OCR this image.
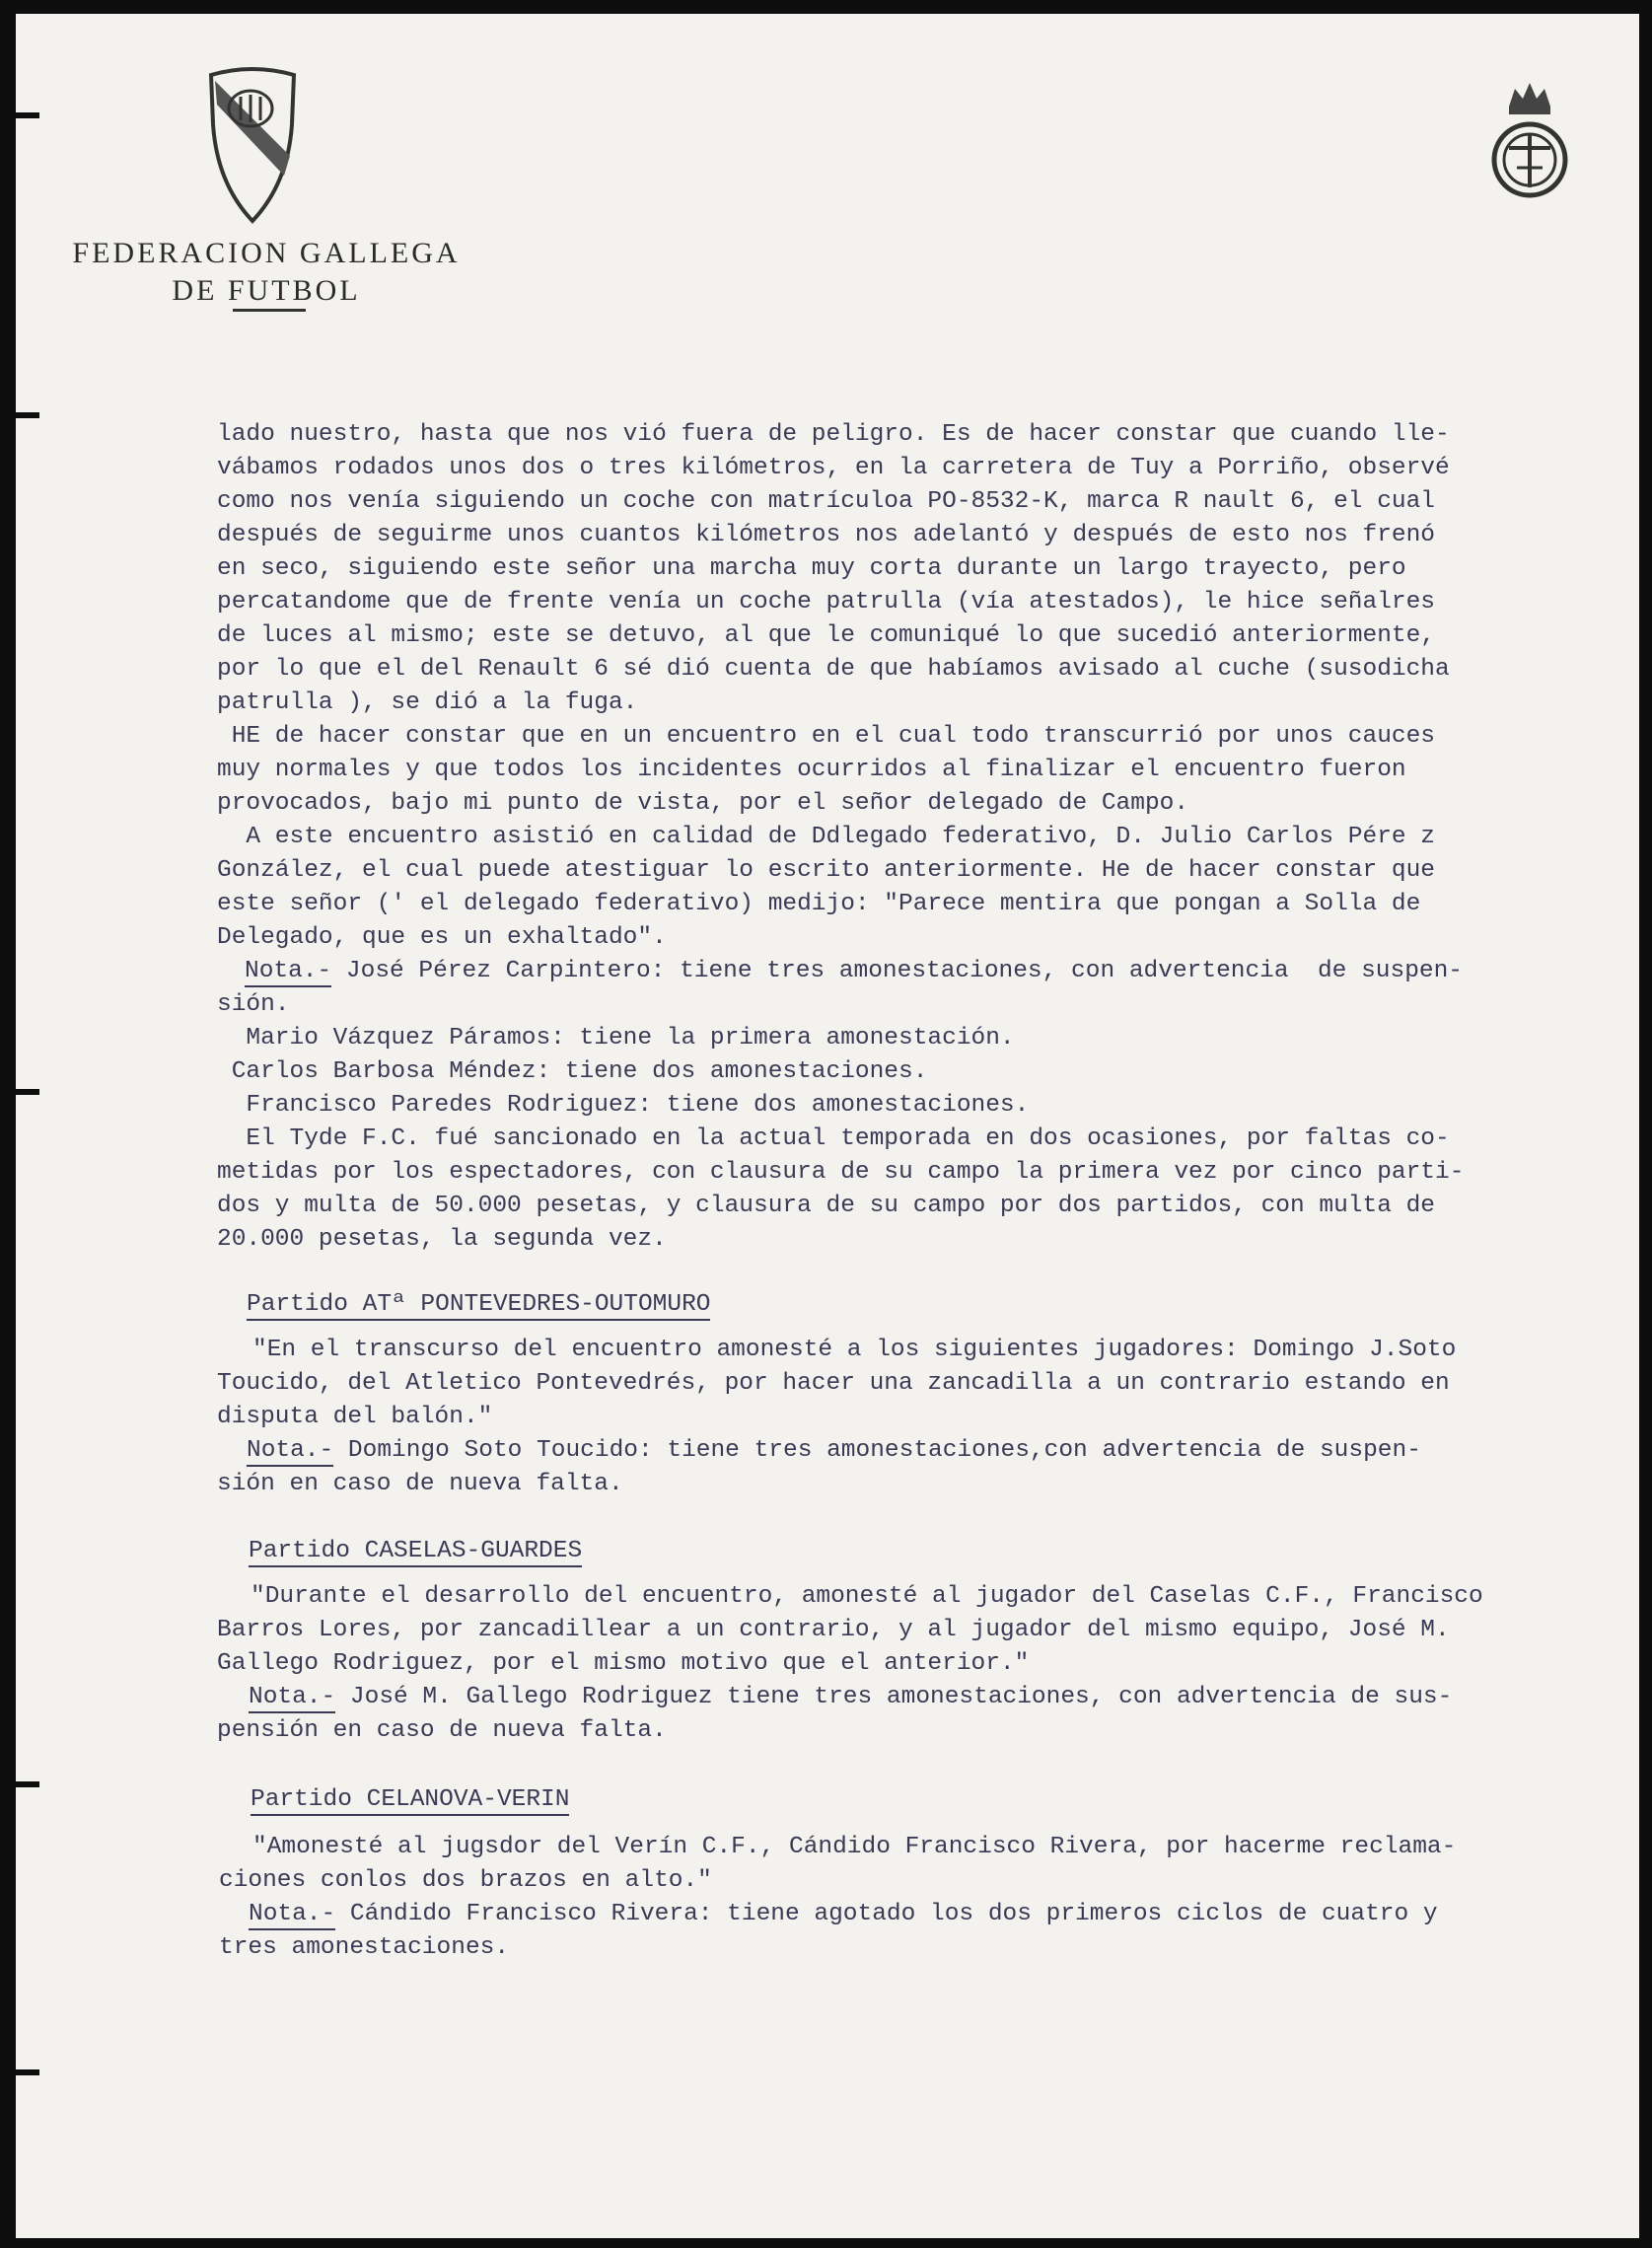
FEDERACION GALLEGA
DE FUTBOL

lado nuestro, hasta que nos vió fuera de peligro. Es de hacer constar que cuando lle-

vábamos rodados unos dos o tres kilómetros, en la carretera de Tuy a Porriño, observé

como nos venía siguiendo un coche con matrículoa PO-8532-K, marca R nault 6, el cual

después de seguirme unos cuantos kilómetros nos adelantó y después de esto nos frenó

en seco, siguiendo este señor una marcha muy corta durante un largo trayecto, pero

percatandome que de frente venía un coche patrulla (vía atestados), le hice señalres

de luces al mismo; este se detuvo, al que le comuniqué lo que sucedió anteriormente,

por lo que el del Renault 6 sé dió cuenta de que habíamos avisado al cuche (susodicha

patrulla ), se dió a la fuga.

HE de hacer constar que en un encuentro en el cual todo transcurrió por unos cauces

muy normales y que todos los incidentes ocurridos al finalizar el encuentro fueron

provocados, bajo mi punto de vista, por el señor delegado de Campo.

A este encuentro asistió en calidad de Ddlegado federativo, D. Julio Carlos Pére z

González, el cual puede atestiguar lo escrito anteriormente. He de hacer constar que

este señor (' el delegado federativo) medijo: "Parece mentira que pongan a Solla de

Delegado, que es un exhaltado".

Nota.- José Pérez Carpintero: tiene tres amonestaciones, con advertencia  de suspen-

sión.

Mario Vázquez Páramos: tiene la primera amonestación.

Carlos Barbosa Méndez: tiene dos amonestaciones.

Francisco Paredes Rodriguez: tiene dos amonestaciones.

El Tyde F.C. fué sancionado en la actual temporada en dos ocasiones, por faltas co-

metidas por los espectadores, con clausura de su campo la primera vez por cinco parti-

dos y multa de 50.000 pesetas, y clausura de su campo por dos partidos, con multa de

20.000 pesetas, la segunda vez.

Partido ATª PONTEVEDRES-OUTOMURO

"En el transcurso del encuentro amonesté a los siguientes jugadores: Domingo J.Soto

Toucido, del Atletico Pontevedrés, por hacer una zancadilla a un contrario estando en

disputa del balón."

Nota.- Domingo Soto Toucido: tiene tres amonestaciones,con advertencia de suspen-

sión en caso de nueva falta.

Partido CASELAS-GUARDES

"Durante el desarrollo del encuentro, amonesté al jugador del Caselas C.F., Francisco

Barros Lores, por zancadillear a un contrario, y al jugador del mismo equipo, José M.

Gallego Rodriguez, por el mismo motivo que el anterior."

Nota.- José M. Gallego Rodriguez tiene tres amonestaciones, con advertencia de sus-

pensión en caso de nueva falta.

Partido CELANOVA-VERIN

"Amonesté al jugsdor del Verín C.F., Cándido Francisco Rivera, por hacerme reclama-

ciones conlos dos brazos en alto."

Nota.- Cándido Francisco Rivera: tiene agotado los dos primeros ciclos de cuatro y

tres amonestaciones.
